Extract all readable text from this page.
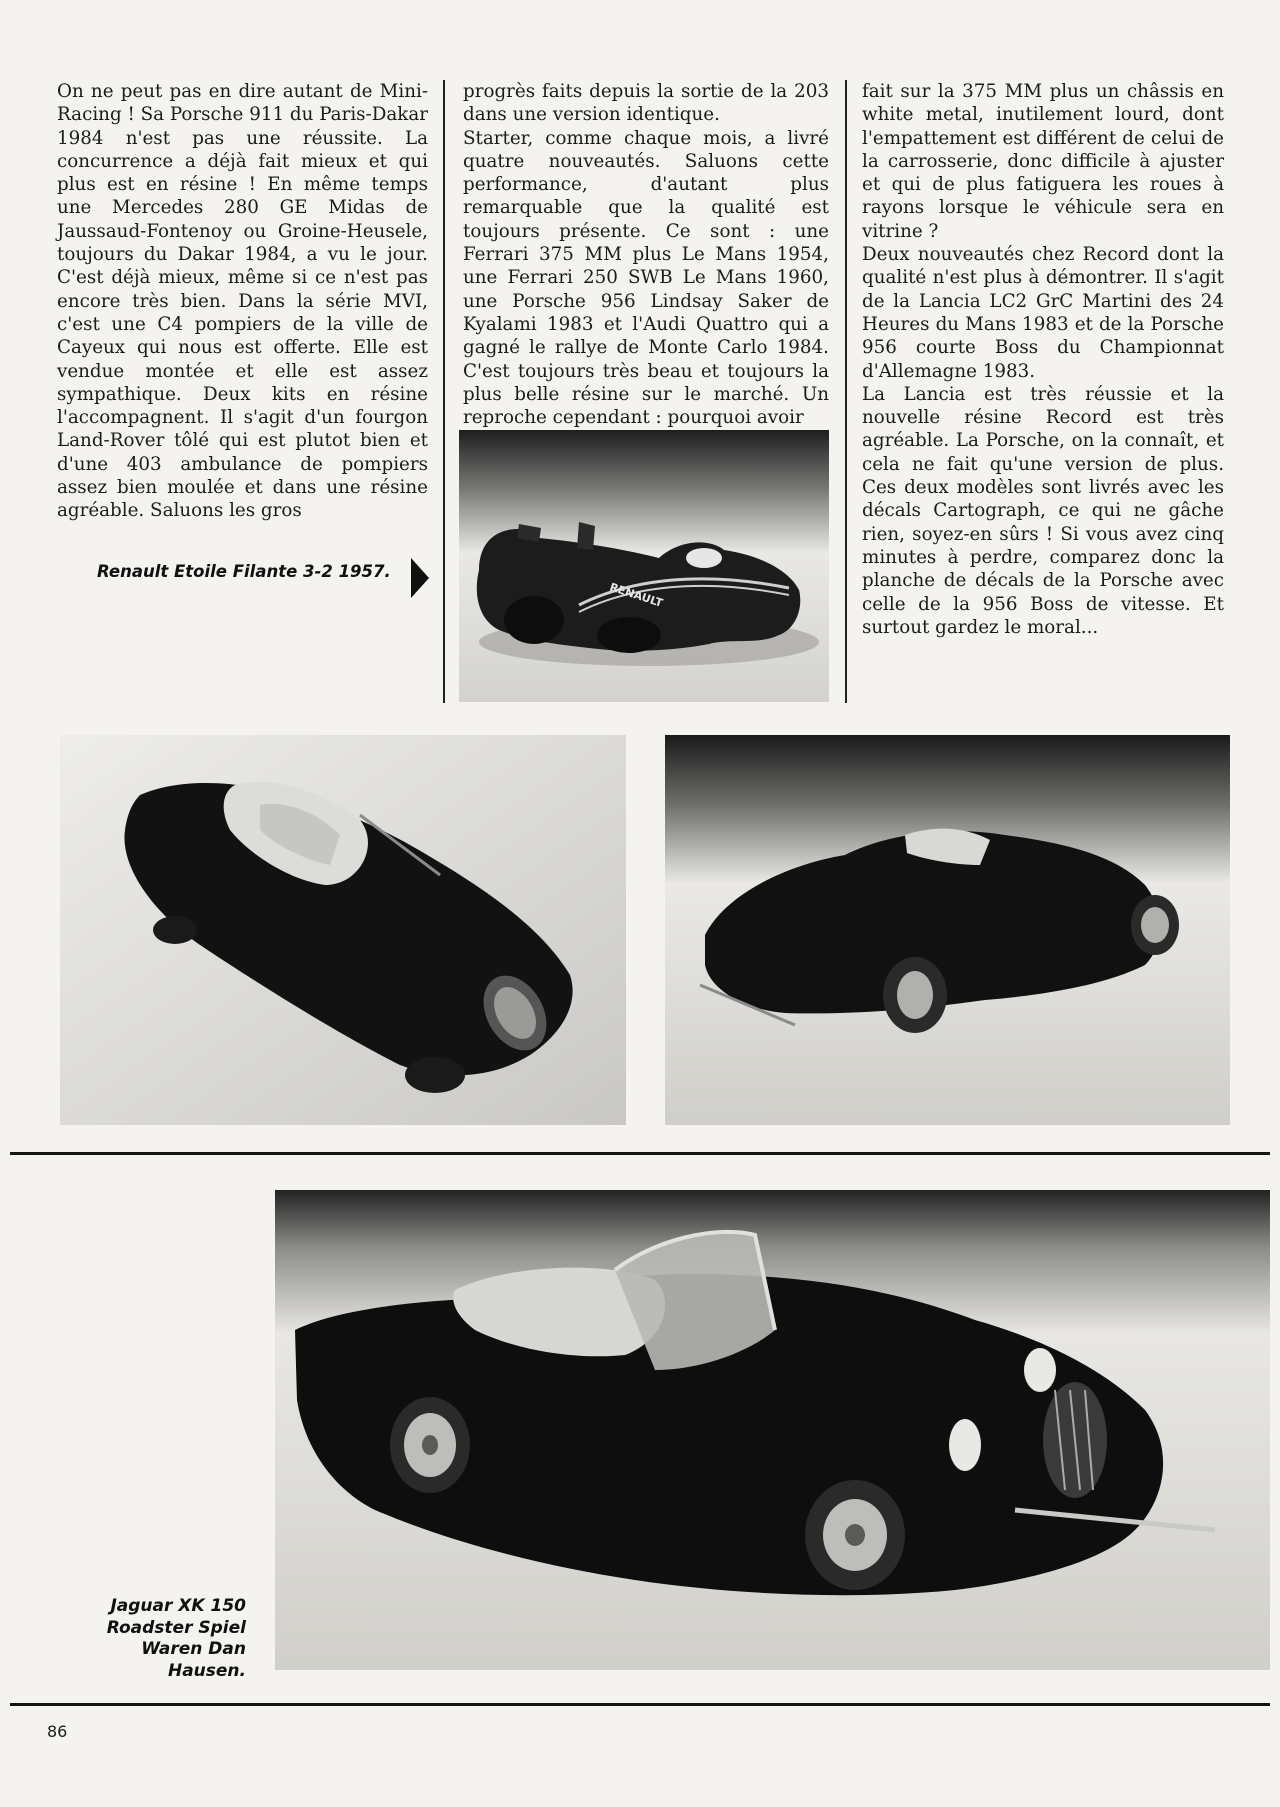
On ne peut pas en dire autant de Mini-Racing ! Sa Porsche 911 du Paris-Dakar 1984 n'est pas une réussite. La concurrence a déjà fait mieux et qui plus est en résine ! En même temps une Mercedes 280 GE Midas de Jaussaud-Fontenoy ou Groine-Heusele, toujours du Dakar 1984, a vu le jour. C'est déjà mieux, même si ce n'est pas encore très bien. Dans la série MVI, c'est une C4 pompiers de la ville de Cayeux qui nous est offerte. Elle est vendue montée et elle est assez sympathique. Deux kits en résine l'accompagnent. Il s'agit d'un fourgon Land-Rover tôlé qui est plutot bien et d'une 403 ambulance de pompiers assez bien moulée et dans une résine agréable. Saluons les gros

progrès faits depuis la sortie de la 203 dans une version identique.

Starter, comme chaque mois, a livré quatre nouveautés. Saluons cette performance, d'autant plus remarquable que la qualité est toujours présente. Ce sont : une Ferrari 375 MM plus Le Mans 1954, une Ferrari 250 SWB Le Mans 1960, une Porsche 956 Lindsay Saker de Kyalami 1983 et l'Audi Quattro qui a gagné le rallye de Monte Carlo 1984. C'est toujours très beau et toujours la plus belle résine sur le marché. Un reproche cependant : pourquoi avoir

fait sur la 375 MM plus un châssis en white metal, inutilement lourd, dont l'empattement est différent de celui de la carrosserie, donc difficile à ajuster et qui de plus fatiguera les roues à rayons lorsque le véhicule sera en vitrine ?

Deux nouveautés chez Record dont la qualité n'est plus à démontrer. Il s'agit de la Lancia LC2 GrC Martini des 24 Heures du Mans 1983 et de la Porsche 956 courte Boss du Championnat d'Allemagne 1983.

La Lancia est très réussie et la nouvelle résine Record est très agréable. La Porsche, on la connaît, et cela ne fait qu'une version de plus. Ces deux modèles sont livrés avec les décals Cartograph, ce qui ne gâche rien, soyez-en sûrs ! Si vous avez cinq minutes à perdre, comparez donc la planche de décals de la Porsche avec celle de la 956 Boss de vitesse. Et surtout gardez le moral...

Renault Etoile Filante 3-2 1957.
RENAULT
Jaguar XK 150
Roadster Spiel
Waren Dan
Hausen.
86
